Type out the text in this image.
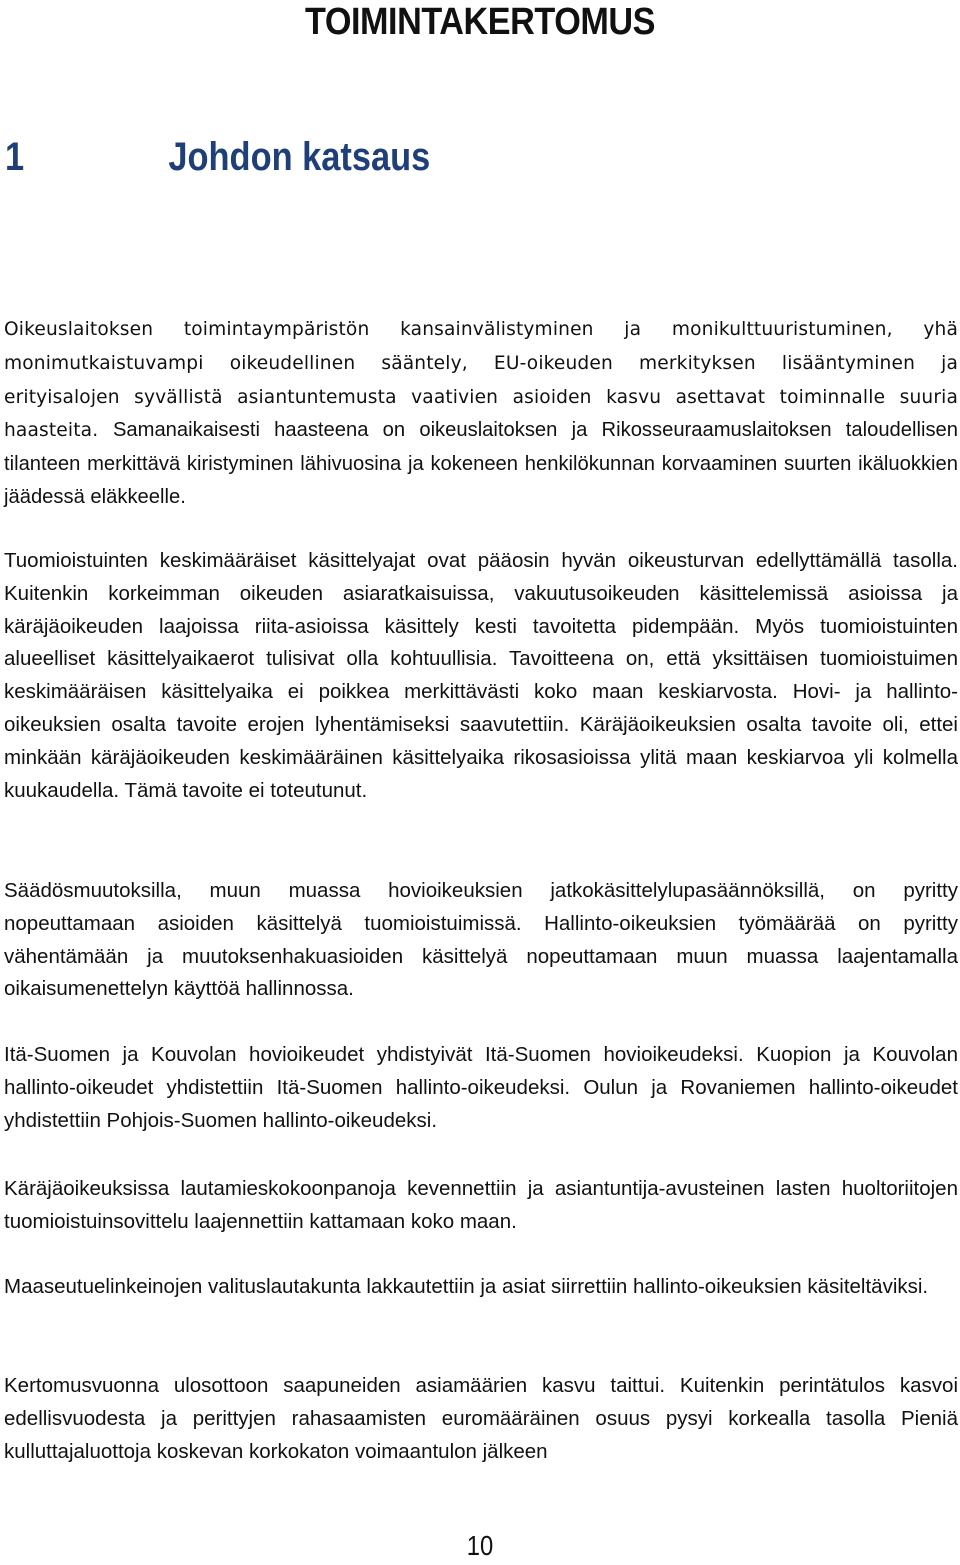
TOIMINTAKERTOMUS
1	Johdon katsaus

Oikeuslaitoksen toimintaympäristön kansainvälistyminen ja monikulttuuristuminen, yhä monimutkaistuvampi oikeudellinen sääntely, EU-oikeuden merkityksen lisääntyminen ja erityisalojen syvällistä asiantuntemusta vaativien asioiden kasvu asettavat toiminnalle suuria haasteita. Samanaikaisesti haasteena on oikeuslaitoksen ja Rikosseuraamuslaitoksen taloudellisen tilanteen merkittävä kiristyminen lähivuosina ja kokeneen henkilökunnan korvaaminen suurten ikäluokkien jäädessä eläkkeelle.

Tuomioistuinten keskimääräiset käsittelyajat ovat pääosin hyvän oikeusturvan edellyttämällä tasolla. Kuitenkin korkeimman oikeuden asiaratkaisuissa, vakuutusoikeuden käsittelemissä asioissa ja käräjäoikeuden laajoissa riita-asioissa käsittely kesti tavoitetta pidempään. Myös tuomioistuinten alueelliset käsittelyaikaerot tulisivat olla kohtuullisia. Tavoitteena on, että yksittäisen tuomioistuimen keskimääräisen käsittelyaika ei poikkea merkittävästi koko maan keskiarvosta. Hovi- ja hallinto-oikeuksien osalta tavoite erojen lyhentämiseksi saavutettiin. Käräjäoikeuksien osalta tavoite oli, ettei minkään käräjäoikeuden keskimääräinen käsittelyaika rikosasioissa ylitä maan keskiarvoa yli kolmella kuukaudella. Tämä tavoite ei toteutunut.

Säädösmuutoksilla, muun muassa hovioikeuksien jatkokäsittelylupasäännöksillä, on pyritty nopeuttamaan asioiden käsittelyä tuomioistuimissä. Hallinto-oikeuksien työmäärää on pyritty vähentämään ja muutoksenhakuasioiden käsittelyä nopeuttamaan muun muassa laajentamalla oikaisumenettelyn käyttöä hallinnossa.

Itä-Suomen ja Kouvolan hovioikeudet yhdistyivät Itä-Suomen hovioikeudeksi. Kuopion ja Kouvolan hallinto-oikeudet yhdistettiin Itä-Suomen hallinto-oikeudeksi. Oulun ja Rovaniemen hallinto-oikeudet yhdistettiin Pohjois-Suomen hallinto-oikeudeksi.

Käräjäoikeuksissa lautamieskokoonpanoja kevennettiin ja asiantuntija-avusteinen lasten huoltoriitojen tuomioistuinsovittelu laajennettiin kattamaan koko maan.

Maaseutuelinkeinojen valituslautakunta lakkautettiin ja asiat siirrettiin hallinto-oikeuksien käsiteltäviksi.

Kertomusvuonna ulosottoon saapuneiden asiamäärien kasvu taittui. Kuitenkin perintätulos kasvoi edellisvuodesta ja perittyjen rahasaamisten euromääräinen osuus pysyi korkealla tasolla Pieniä kulluttajaluottoja koskevan korkokaton voimaantulon jälkeen

10
